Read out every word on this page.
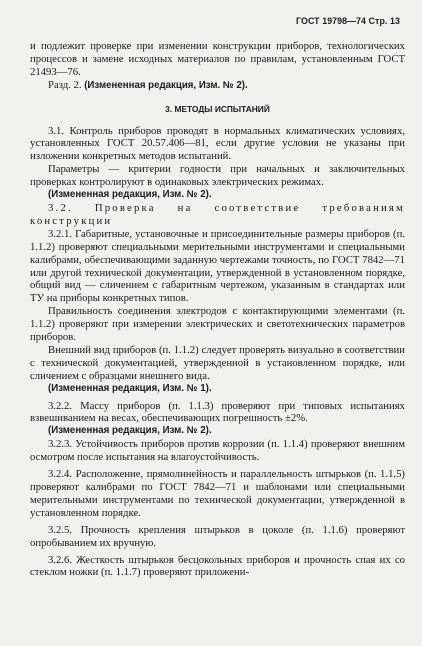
ГОСТ 19798—74 Стр. 13

и подлежит проверке при изменении конструкции приборов, технологических процессов и замене исходных материалов по правилам, установленным ГОСТ 21493—76.

Разд. 2. (Измененная редакция, Изм. № 2).

3. МЕТОДЫ ИСПЫТАНИЙ

3.1. Контроль приборов проводят в нормальных климатических условиях, установленных ГОСТ 20.57.406—81, если другие условия не указаны при изложении конкретных методов испытаний.

Параметры — критерии годности при начальных и заключительных проверках контролируют в одинаковых электрических режимах.

(Измененная редакция, Изм. № 2).

3.2. Проверка на соответствие требованиям конструкции

3.2.1. Габаритные, установочные и присоединительные размеры приборов (п. 1.1.2) проверяют специальными мерительными инструментами и специальными калибрами, обеспечивающими заданную чертежами точность, по ГОСТ 7842—71 или другой технической документации, утвержденной в установленном порядке, общий вид — сличением с габаритным чертежом, указанным в стандартах или ТУ на приборы конкретных типов.

Правильность соединения электродов с контактирующими элементами (п. 1.1.2) проверяют при измерении электрических и светотехнических параметров приборов.

Внешний вид приборов (п. 1.1.2) следует проверять визуально в соответствии с технической документацией, утвержденной в установленном порядке, или сличением с образцами внешнего вида.

(Измененная редакция, Изм. № 1).

3.2.2. Массу приборов (п. 1.1.3) проверяют при типовых испытаниях взвешиванием на весах, обеспечивающих погрешность ±2%.

(Измененная редакция, Изм. № 2).

3.2.3. Устойчивость приборов против коррозии (п. 1.1.4) проверяют внешним осмотром после испытания на влагоустойчивость.

3.2.4. Расположение, прямолинейность и параллельность штырьков (п. 1.1.5) проверяют калибрами по ГОСТ 7842—71 и шаблонами или специальными мерительными инструментами по технической документации, утвержденной в установленном порядке.

3.2.5. Прочность крепления штырьков в цоколе (п. 1.1.6) проверяют опробыванием их вручную.

3.2.6. Жесткость штырьков бесцокольных приборов и прочность спая их со стеклом ножки (п. 1.1.7) проверяют приложени-
